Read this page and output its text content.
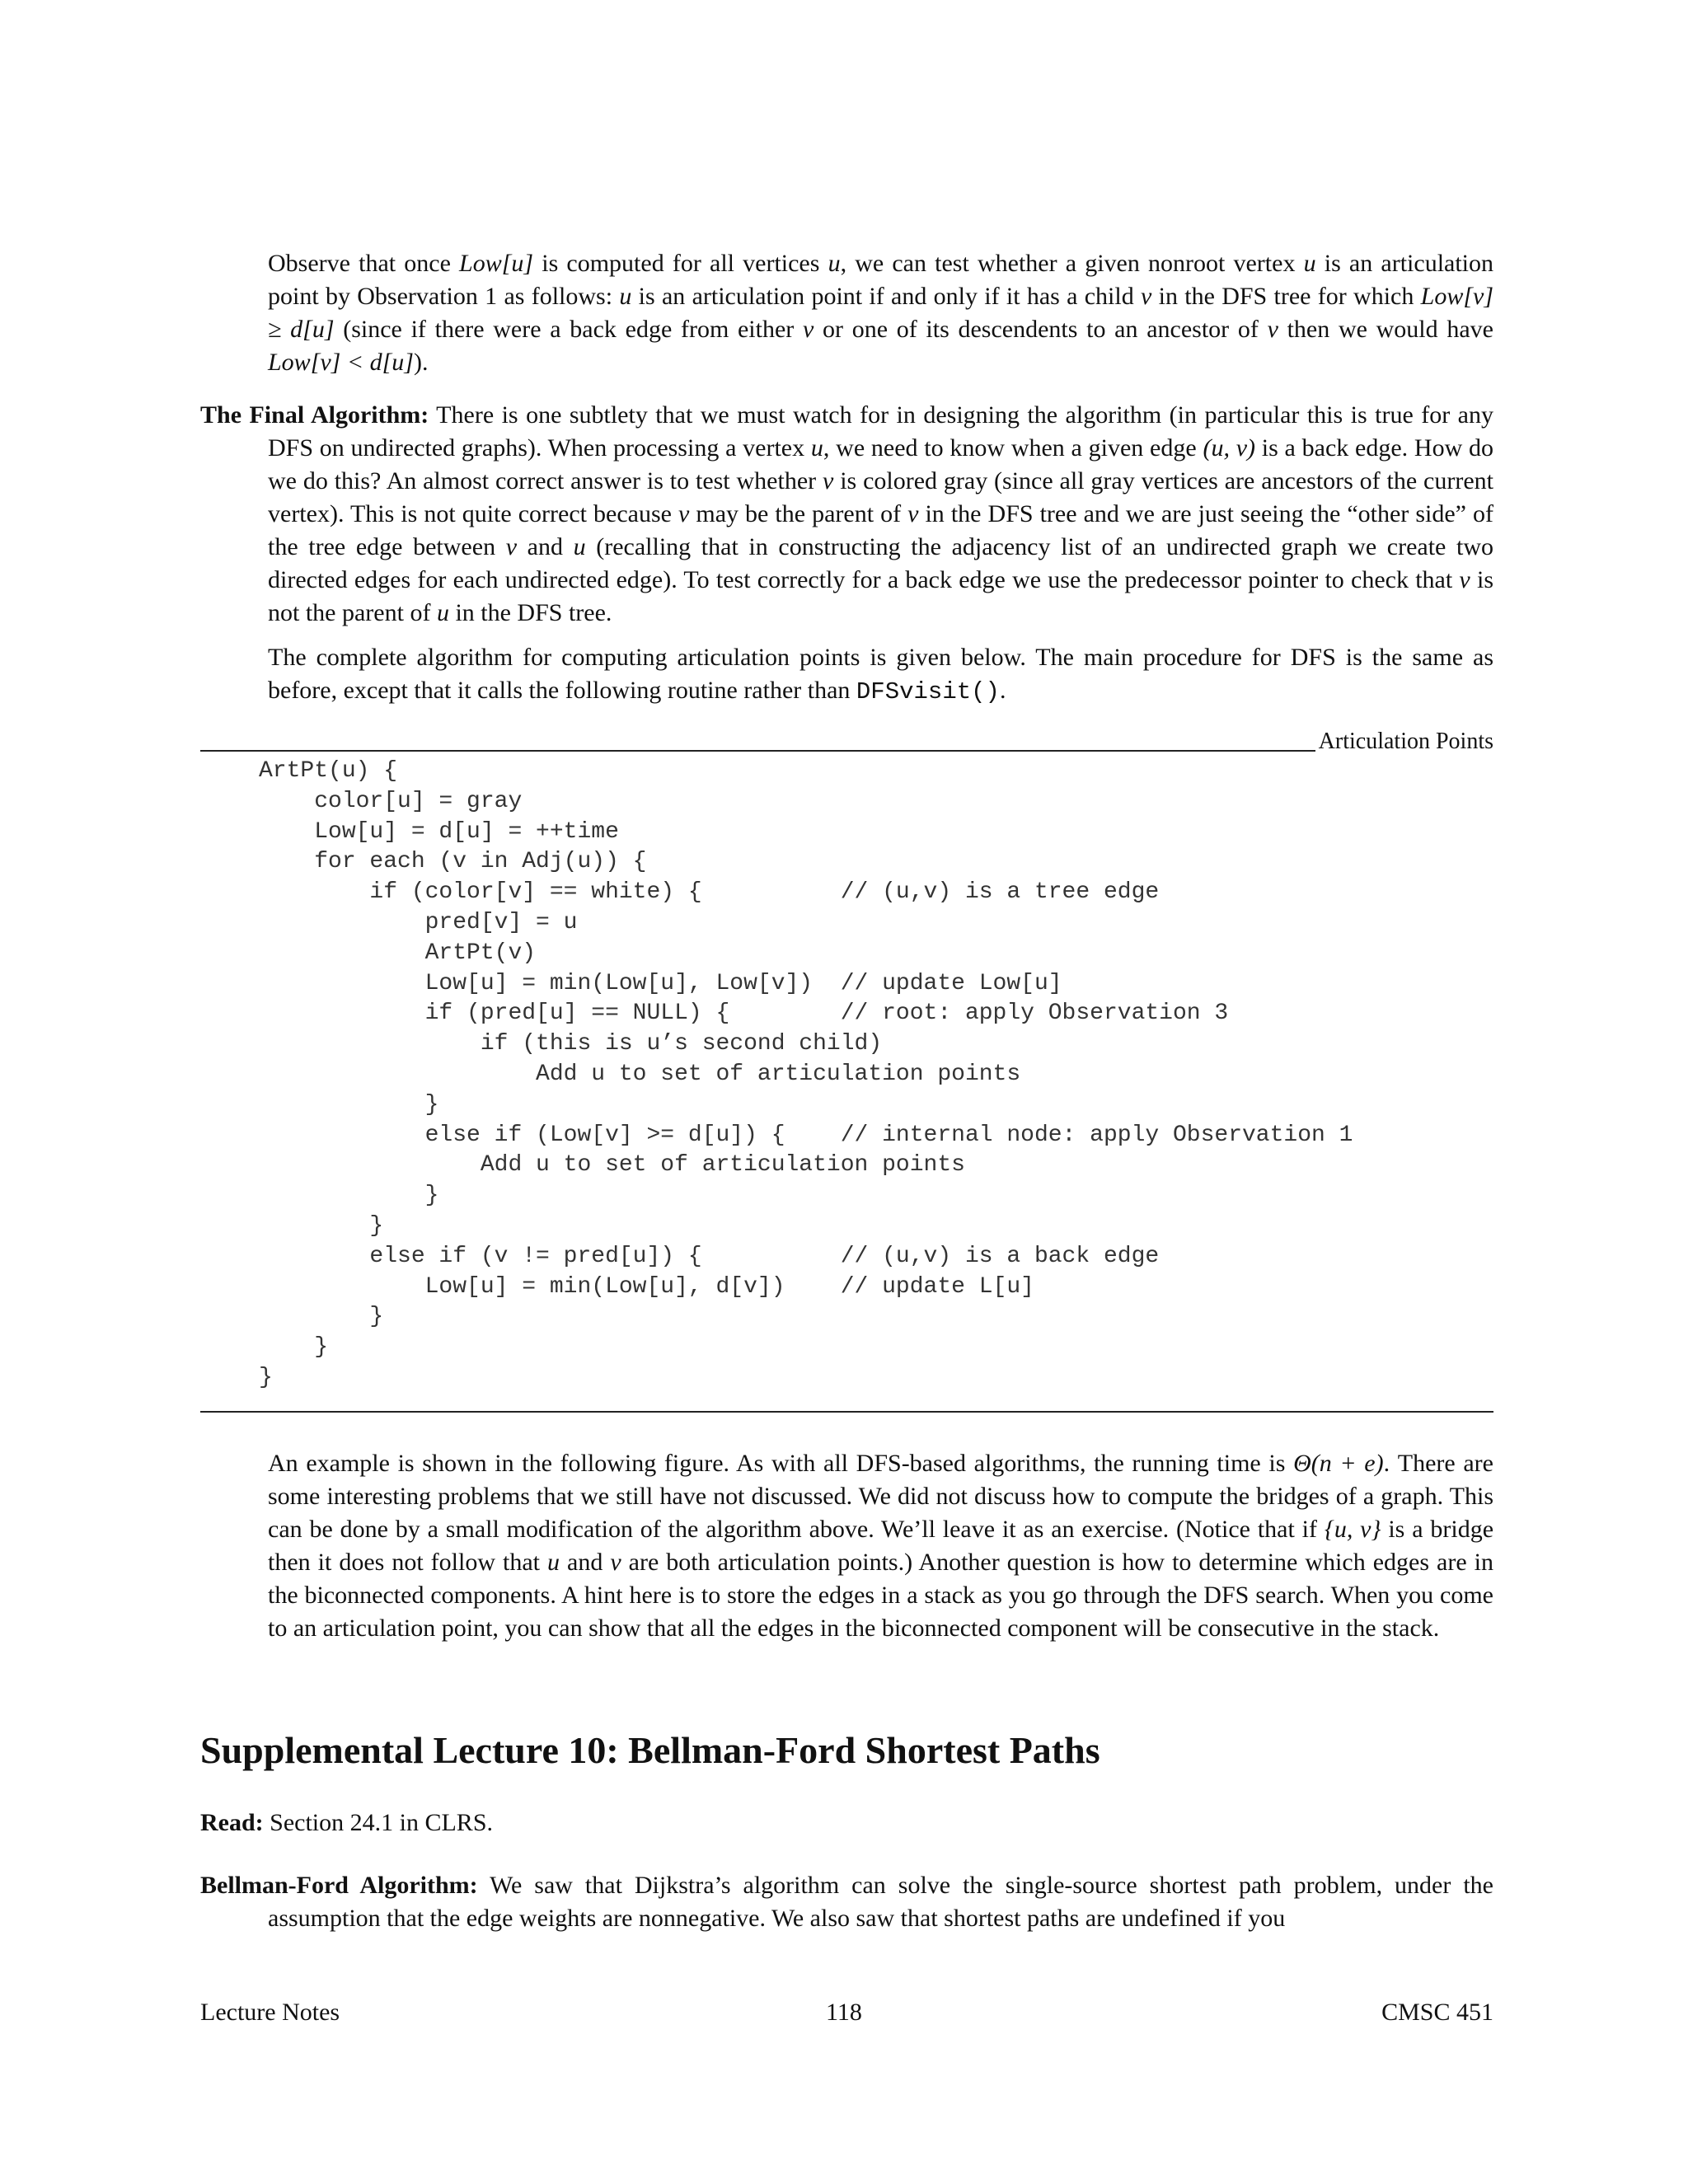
Observe that once Low[u] is computed for all vertices u, we can test whether a given nonroot vertex u is an articulation point by Observation 1 as follows: u is an articulation point if and only if it has a child v in the DFS tree for which Low[v] ≥ d[u] (since if there were a back edge from either v or one of its descendents to an ancestor of v then we would have Low[v] < d[u]).

The Final Algorithm: There is one subtlety that we must watch for in designing the algorithm (in particular this is true for any DFS on undirected graphs). When processing a vertex u, we need to know when a given edge (u, v) is a back edge. How do we do this? An almost correct answer is to test whether v is colored gray (since all gray vertices are ancestors of the current vertex). This is not quite correct because v may be the parent of v in the DFS tree and we are just seeing the “other side” of the tree edge between v and u (recalling that in constructing the adjacency list of an undirected graph we create two directed edges for each undirected edge). To test correctly for a back edge we use the predecessor pointer to check that v is not the parent of u in the DFS tree.

The complete algorithm for computing articulation points is given below. The main procedure for DFS is the same as before, except that it calls the following routine rather than DFSvisit().

Articulation Points
ArtPt(u) {
color[u] = gray
Low[u] = d[u] = ++time
for each (v in Adj(u)) {
if (color[v] == white) {          // (u,v) is a tree edge
pred[v] = u
ArtPt(v)
Low[u] = min(Low[u], Low[v])  // update Low[u]
if (pred[u] == NULL) {        // root: apply Observation 3
if (this is u’s second child)
Add u to set of articulation points
}
else if (Low[v] >= d[u]) {    // internal node: apply Observation 1
Add u to set of articulation points
}
}
else if (v != pred[u]) {          // (u,v) is a back edge
Low[u] = min(Low[u], d[v])    // update L[u]
}
}
}

An example is shown in the following figure. As with all DFS-based algorithms, the running time is Θ(n + e). There are some interesting problems that we still have not discussed. We did not discuss how to compute the bridges of a graph. This can be done by a small modification of the algorithm above. We’ll leave it as an exercise. (Notice that if {u, v} is a bridge then it does not follow that u and v are both articulation points.) Another question is how to determine which edges are in the biconnected components. A hint here is to store the edges in a stack as you go through the DFS search. When you come to an articulation point, you can show that all the edges in the biconnected component will be consecutive in the stack.

Supplemental Lecture 10: Bellman-Ford Shortest Paths

Read: Section 24.1 in CLRS.

Bellman-Ford Algorithm: We saw that Dijkstra’s algorithm can solve the single-source shortest path problem, under the assumption that the edge weights are nonnegative. We also saw that shortest paths are undefined if you

Lecture Notes	118	CMSC 451
